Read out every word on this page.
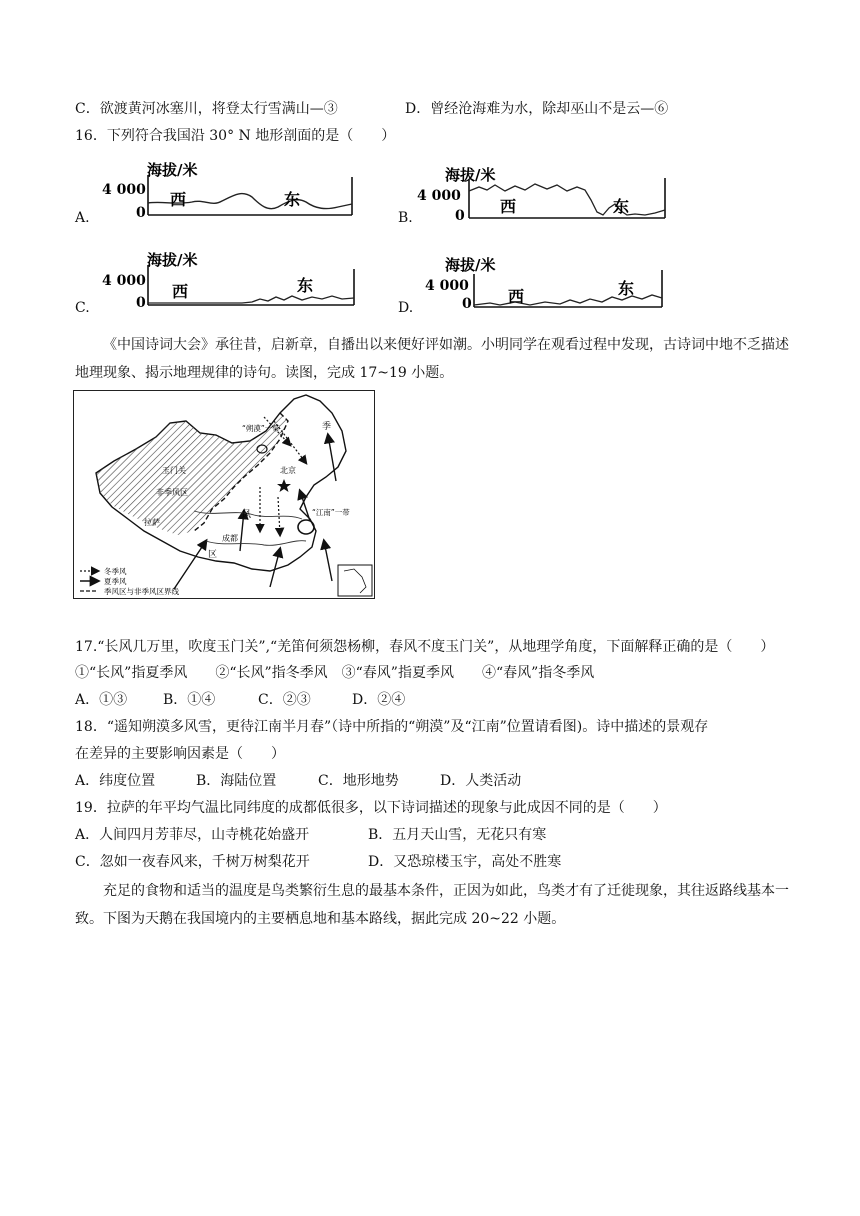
C．欲渡黄河冰塞川，将登太行雪满山—③	D．曾经沧海难为水，除却巫山不是云—⑥
16．下列符合我国沿 30° N 地形剖面的是（　　）
A.	B.
C.	D.
海拔/米
4 000
0
西	东
海拔/米
4 000
0 西	东
海拔/米
4 000
0
西	东
海拔/米
4 000
0 西	东
《中国诗词大会》承往昔，启新章，自播出以来便好评如潮。小明同学在观看过程中发现，古诗词中地不乏描述地理现象、揭示地理规律的诗句。读图，完成 17~19 小题。
冬季风
夏季风
季风区与非季风区界线
“朔漠”一带
玉门关
非季风区
拉萨
成都
北京
“江南”一带
季
风
区
17.“长风几万里，吹度玉门关”,“羌笛何须怨杨柳，春风不度玉门关”，从地理学角度，下面解释正确的是（　　）
①“长风”指夏季风　　②“长风”指冬季风　③“春风”指夏季风　　④“春风”指冬季风
A．①③	B．①④	C．②③	D．②④
18．“遥知朔漠多风雪，更待江南半月春”（诗中所指的“朔漠”及“江南”位置请看图)。诗中描述的景观存
在差异的主要影响因素是（　　）
A．纬度位置	B．海陆位置	C．地形地势	D．人类活动
19．拉萨的年平均气温比同纬度的成都低很多，以下诗词描述的现象与此成因不同的是（　　）
A．人间四月芳菲尽，山寺桃花始盛开	B．五月天山雪，无花只有寒
C．忽如一夜春风来，千树万树梨花开	D．又恐琼楼玉宇，高处不胜寒
充足的食物和适当的温度是鸟类繁衍生息的最基本条件，正因为如此，鸟类才有了迁徙现象，其往返路线基本一致。下图为天鹅在我国境内的主要栖息地和基本路线，据此完成 20~22 小题。
